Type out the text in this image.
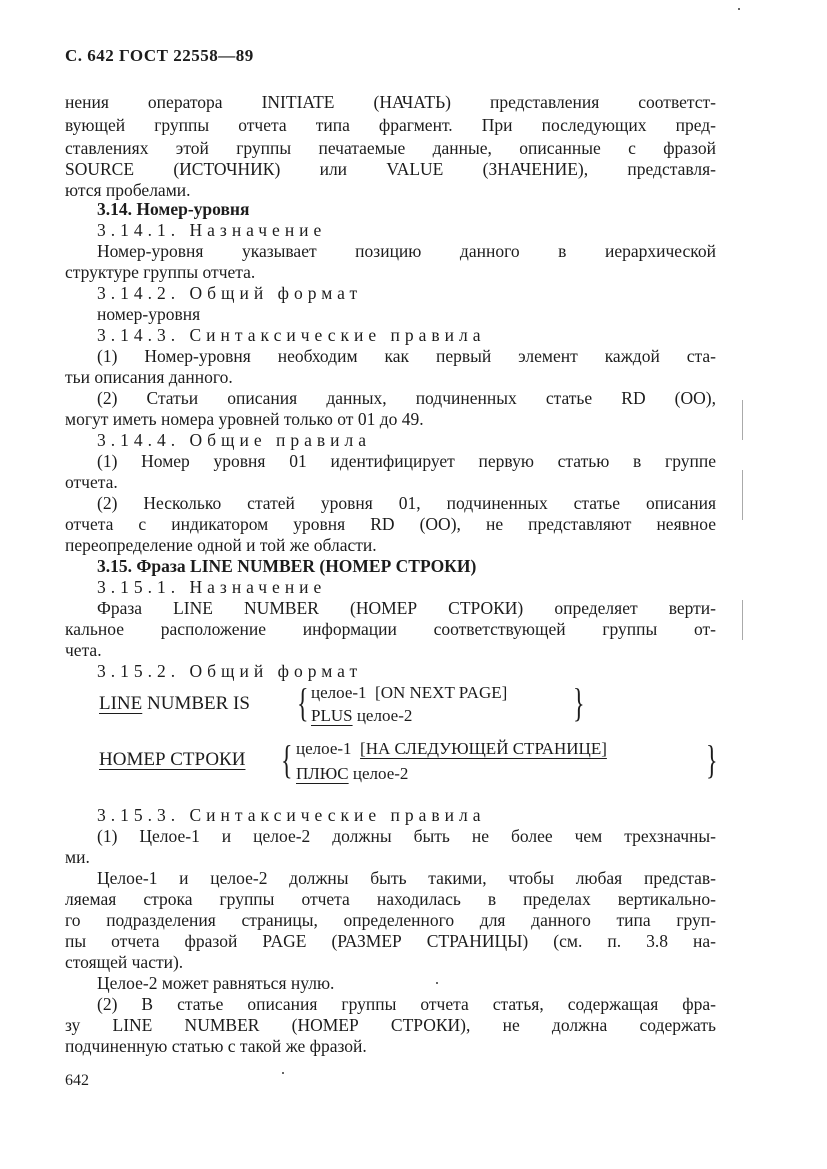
С. 642 ГОСТ 22558—89
нения оператора INITIATE (НАЧАТЬ) представления соответст-
вующей группы отчета типа фрагмент. При последующих пред-
ставлениях этой группы печатаемые данные, описанные с фразой
SOURCE (ИСТОЧНИК) или VALUE (ЗНАЧЕНИЕ), представля-
ются пробелами.
3.14. Номер-уровня
3.14.1. Назначение
Номер-уровня указывает позицию данного в иерархической
структуре группы отчета.
3.14.2. Общий формат
номер-уровня
3.14.3. Синтаксические правила
(1) Номер-уровня необходим как первый элемент каждой ста-
тьи описания данного.
(2) Статьи описания данных, подчиненных статье RD (ОО),
могут иметь номера уровней только от 01 до 49.
3.14.4. Общие правила
(1) Номер уровня 01 идентифицирует первую статью в группе
отчета.
(2) Несколько статей уровня 01, подчиненных статье описания
отчета с индикатором уровня RD (ОО), не представляют неявное
переопределение одной и той же области.
3.15. Фраза LINE NUMBER (НОМЕР СТРОКИ)
3.15.1. Назначение
Фраза LINE NUMBER (НОМЕР СТРОКИ) определяет верти-
кальное расположение информации соответствующей группы от-
чета.
3.15.2. Общий формат
LINE NUMBER IS { целое-1 [ON NEXT PAGE]
PLUS целое-2	}
НОМЕР СТРОКИ { целое-1 [НА СЛЕДУЮЩЕЙ СТРАНИЦЕ]
ПЛЮС целое-2	}
3.15.3. Синтаксические правила
(1) Целое-1 и целое-2 должны быть не более чем трехзначны-
ми.
Целое-1 и целое-2 должны быть такими, чтобы любая представ-
ляемая строка группы отчета находилась в пределах вертикально-
го подразделения страницы, определенного для данного типа груп-
пы отчета фразой PAGE (РАЗМЕР СТРАНИЦЫ) (см. п. 3.8 на-
стоящей части).
Целое-2 может равняться нулю.
(2) В статье описания группы отчета статья, содержащая фра-
зу LINE NUMBER (НОМЕР СТРОКИ), не должна содержать
подчиненную статью с такой же фразой.
642
